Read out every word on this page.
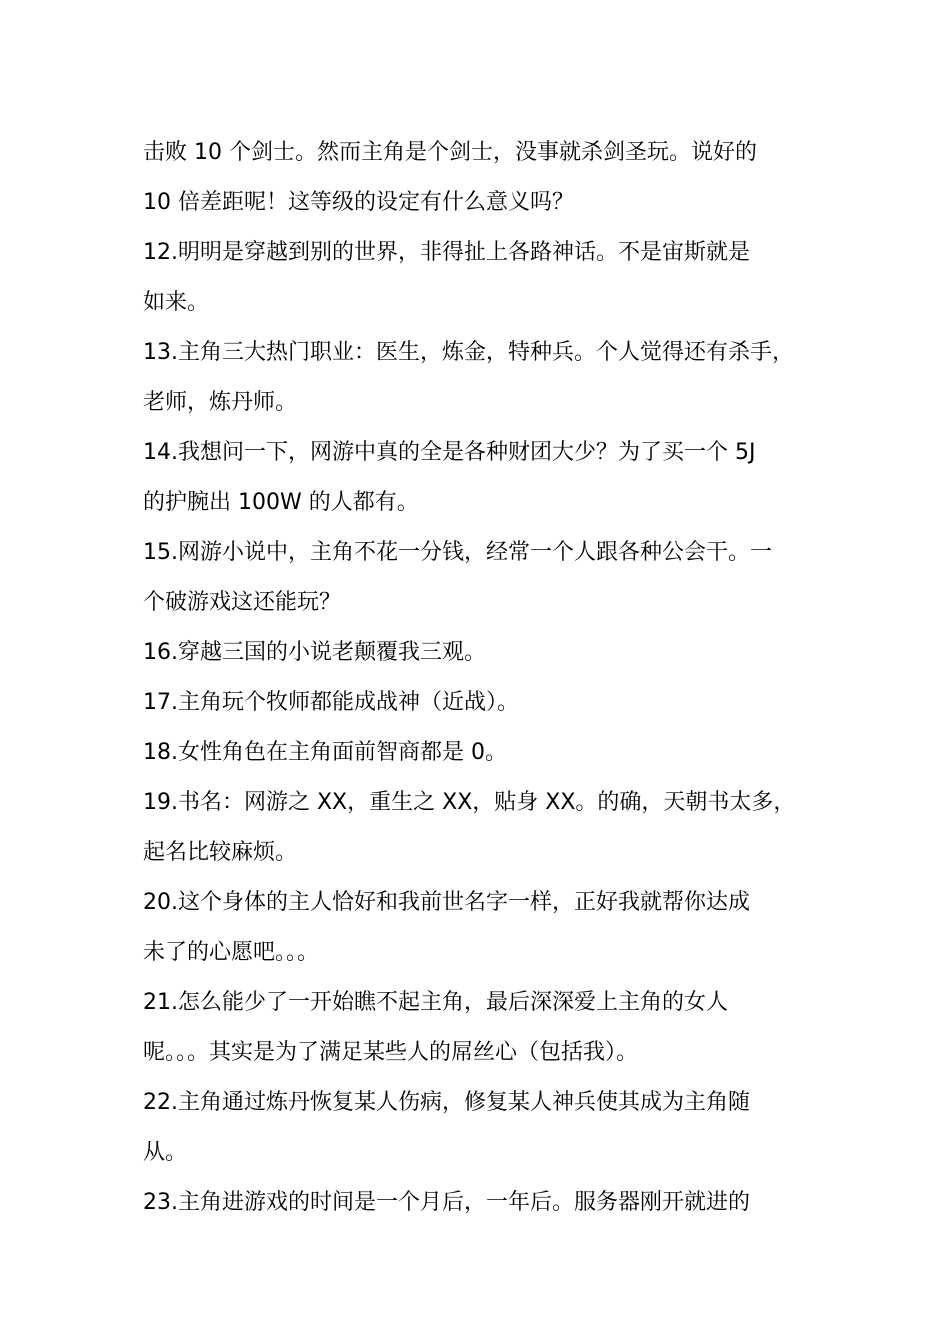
击败 10 个剑士。然而主角是个剑士，没事就杀剑圣玩。说好的
10 倍差距呢！这等级的设定有什么意义吗？
12.明明是穿越到别的世界，非得扯上各路神话。不是宙斯就是
如来。
13.主角三大热门职业：医生，炼金，特种兵。个人觉得还有杀手，
老师，炼丹师。
14.我想问一下，网游中真的全是各种财团大少？为了买一个 5J
的护腕出 100W 的人都有。
15.网游小说中，主角不花一分钱，经常一个人跟各种公会干。一
个破游戏这还能玩？
16.穿越三国的小说老颠覆我三观。
17.主角玩个牧师都能成战神（近战）。
18.女性角色在主角面前智商都是 0。
19.书名：网游之 XX，重生之 XX，贴身 XX。的确，天朝书太多，
起名比较麻烦。
20.这个身体的主人恰好和我前世名字一样，正好我就帮你达成
未了的心愿吧。。。
21.怎么能少了一开始瞧不起主角，最后深深爱上主角的女人
呢。。。其实是为了满足某些人的屌丝心（包括我）。
22.主角通过炼丹恢复某人伤病，修复某人神兵使其成为主角随
从。
23.主角进游戏的时间是一个月后，一年后。服务器刚开就进的
